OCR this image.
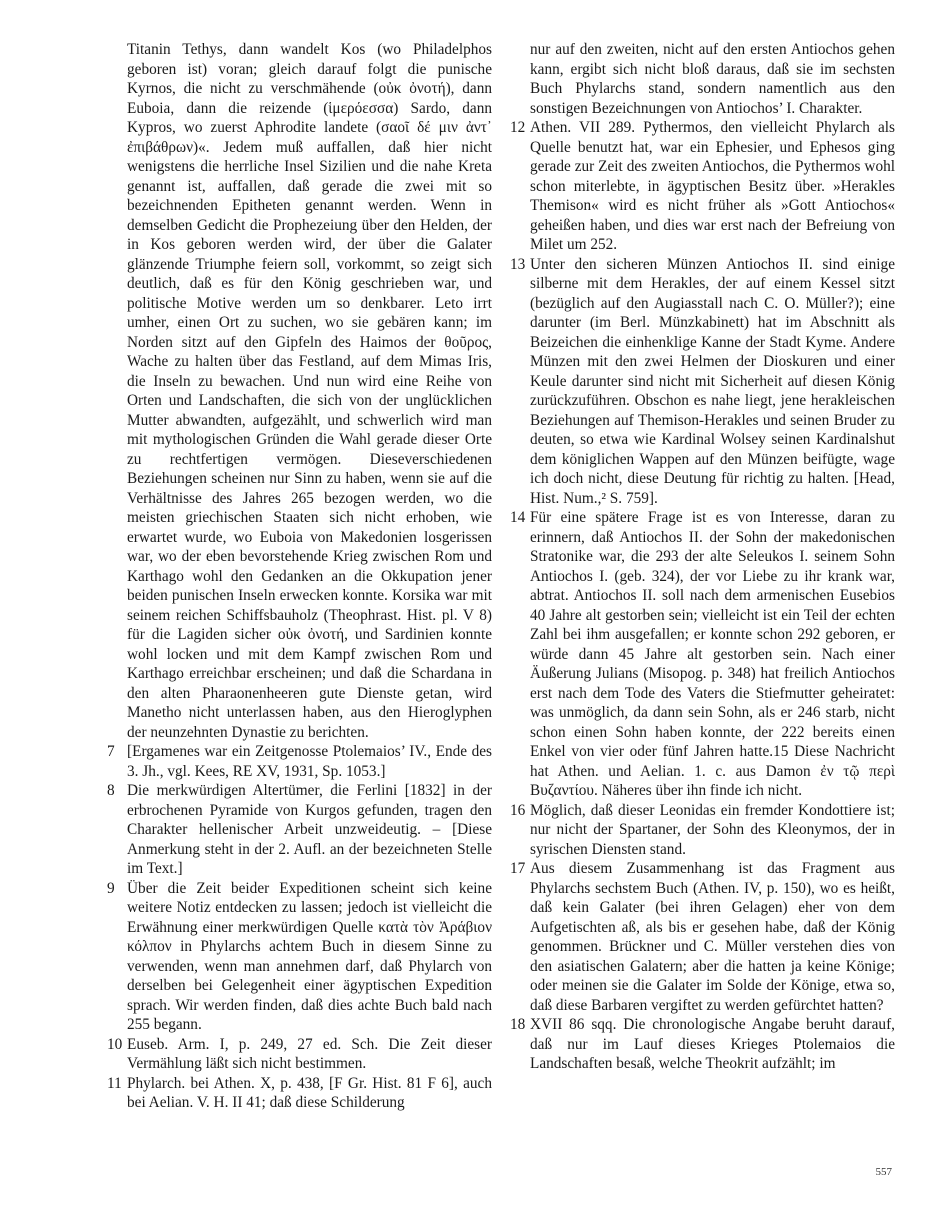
Titanin Tethys, dann wandelt Kos (wo Philadelphos geboren ist) voran; gleich darauf folgt die punische Kyrnos, die nicht zu verschmähende (οὐκ ὀνοτή), dann Euboia, dann die reizende (ἱμερόεσσα) Sardo, dann Kypros, wo zuerst Aphrodite landete (σαοῖ δέ μιν ἀντ᾽ ἐπιβάθρων)«. Jedem muß auffallen, daß hier nicht wenigstens die herrliche Insel Sizilien und die nahe Kreta genannt ist, auffallen, daß gerade die zwei mit so bezeichnenden Epitheten genannt werden. Wenn in demselben Gedicht die Prophezeiung über den Helden, der in Kos geboren werden wird, der über die Galater glänzende Triumphe feiern soll, vorkommt, so zeigt sich deutlich, daß es für den König geschrieben war, und politische Motive werden um so denkbarer. Leto irrt umher, einen Ort zu suchen, wo sie gebären kann; im Norden sitzt auf den Gipfeln des Haimos der θοῦρος, Wache zu halten über das Festland, auf dem Mimas Iris, die Inseln zu bewachen. Und nun wird eine Reihe von Orten und Landschaften, die sich von der unglücklichen Mutter abwandten, aufgezählt, und schwerlich wird man mit mythologischen Gründen die Wahl gerade dieser Orte zu rechtfertigen vermögen. Dieseverschiedenen Beziehungen scheinen nur Sinn zu haben, wenn sie auf die Verhältnisse des Jahres 265 bezogen werden, wo die meisten griechischen Staaten sich nicht erhoben, wie erwartet wurde, wo Euboia von Makedonien losgerissen war, wo der eben bevorstehende Krieg zwischen Rom und Karthago wohl den Gedanken an die Okkupation jener beiden punischen Inseln erwecken konnte. Korsika war mit seinem reichen Schiffsbauholz (Theophrast. Hist. pl. V 8) für die Lagiden sicher οὐκ ὀνοτή, und Sardinien konnte wohl locken und mit dem Kampf zwischen Rom und Karthago erreichbar erscheinen; und daß die Schardana in den alten Pharaonenheeren gute Dienste getan, wird Manetho nicht unterlassen haben, aus den Hieroglyphen der neunzehnten Dynastie zu berichten.

7 [Ergamenes war ein Zeitgenosse Ptolemaios’ IV., Ende des 3. Jh., vgl. Kees, RE XV, 1931, Sp. 1053.]
8 Die merkwürdigen Altertümer, die Ferlini [1832] in der erbrochenen Pyramide von Kurgos gefunden, tragen den Charakter hellenischer Arbeit unzweideutig. – [Diese Anmerkung steht in der 2. Aufl. an der bezeichneten Stelle im Text.]
9 Über die Zeit beider Expeditionen scheint sich keine weitere Notiz entdecken zu lassen; jedoch ist vielleicht die Erwähnung einer merkwürdigen Quelle κατὰ τὸν Ἀράβιον κόλπον in Phylarchs achtem Buch in diesem Sinne zu verwenden, wenn man annehmen darf, daß Phylarch von derselben bei Gelegenheit einer ägyptischen Expedition sprach. Wir werden finden, daß dies achte Buch bald nach 255 begann.
10 Euseb. Arm. I, p. 249, 27 ed. Sch. Die Zeit dieser Vermählung läßt sich nicht bestimmen.
11 Phylarch. bei Athen. X, p. 438, [F Gr. Hist. 81 F 6], auch bei Aelian. V. H. II 41; daß diese Schilderung

nur auf den zweiten, nicht auf den ersten Antiochos gehen kann, ergibt sich nicht bloß daraus, daß sie im sechsten Buch Phylarchs stand, sondern namentlich aus den sonstigen Bezeichnungen von Antiochos’ I. Charakter.

12 Athen. VII 289. Pythermos, den vielleicht Phylarch als Quelle benutzt hat, war ein Ephesier, und Ephesos ging gerade zur Zeit des zweiten Antiochos, die Pythermos wohl schon miterlebte, in ägyptischen Besitz über. »Herakles Themison« wird es nicht früher als »Gott Antiochos« geheißen haben, und dies war erst nach der Befreiung von Milet um 252.
13 Unter den sicheren Münzen Antiochos II. sind einige silberne mit dem Herakles, der auf einem Kessel sitzt (bezüglich auf den Augiasstall nach C. O. Müller?); eine darunter (im Berl. Münzkabinett) hat im Abschnitt als Beizeichen die einhenklige Kanne der Stadt Kyme. Andere Münzen mit den zwei Helmen der Dioskuren und einer Keule darunter sind nicht mit Sicherheit auf diesen König zurückzuführen. Obschon es nahe liegt, jene herakleischen Beziehungen auf Themison-Herakles und seinen Bruder zu deuten, so etwa wie Kardinal Wolsey seinen Kardinalshut dem königlichen Wappen auf den Münzen beifügte, wage ich doch nicht, diese Deutung für richtig zu halten. [Head, Hist. Num.,² S. 759].
14 Für eine spätere Frage ist es von Interesse, daran zu erinnern, daß Antiochos II. der Sohn der makedonischen Stratonike war, die 293 der alte Seleukos I. seinem Sohn Antiochos I. (geb. 324), der vor Liebe zu ihr krank war, abtrat. Antiochos II. soll nach dem armenischen Eusebios 40 Jahre alt gestorben sein; vielleicht ist ein Teil der echten Zahl bei ihm ausgefallen; er konnte schon 292 geboren, er würde dann 45 Jahre alt gestorben sein. Nach einer Äußerung Julians (Misopog. p. 348) hat freilich Antiochos erst nach dem Tode des Vaters die Stiefmutter geheiratet: was unmöglich, da dann sein Sohn, als er 246 starb, nicht schon einen Sohn haben konnte, der 222 bereits einen Enkel von vier oder fünf Jahren hatte.15 Diese Nachricht hat Athen. und Aelian. 1. c. aus Damon ἐν τῷ περὶ Βυζαντίου. Näheres über ihn finde ich nicht.
16 Möglich, daß dieser Leonidas ein fremder Kondottiere ist; nur nicht der Spartaner, der Sohn des Kleonymos, der in syrischen Diensten stand.
17 Aus diesem Zusammenhang ist das Fragment aus Phylarchs sechstem Buch (Athen. IV, p. 150), wo es heißt, daß kein Galater (bei ihren Gelagen) eher von dem Aufgetischten aß, als bis er gesehen habe, daß der König genommen. Brückner und C. Müller verstehen dies von den asiatischen Galatern; aber die hatten ja keine Könige; oder meinen sie die Galater im Solde der Könige, etwa so, daß diese Barbaren vergiftet zu werden gefürchtet hatten?
18 XVII 86 sqq. Die chronologische Angabe beruht darauf, daß nur im Lauf dieses Krieges Ptolemaios die Landschaften besaß, welche Theokrit aufzählt; im
557
